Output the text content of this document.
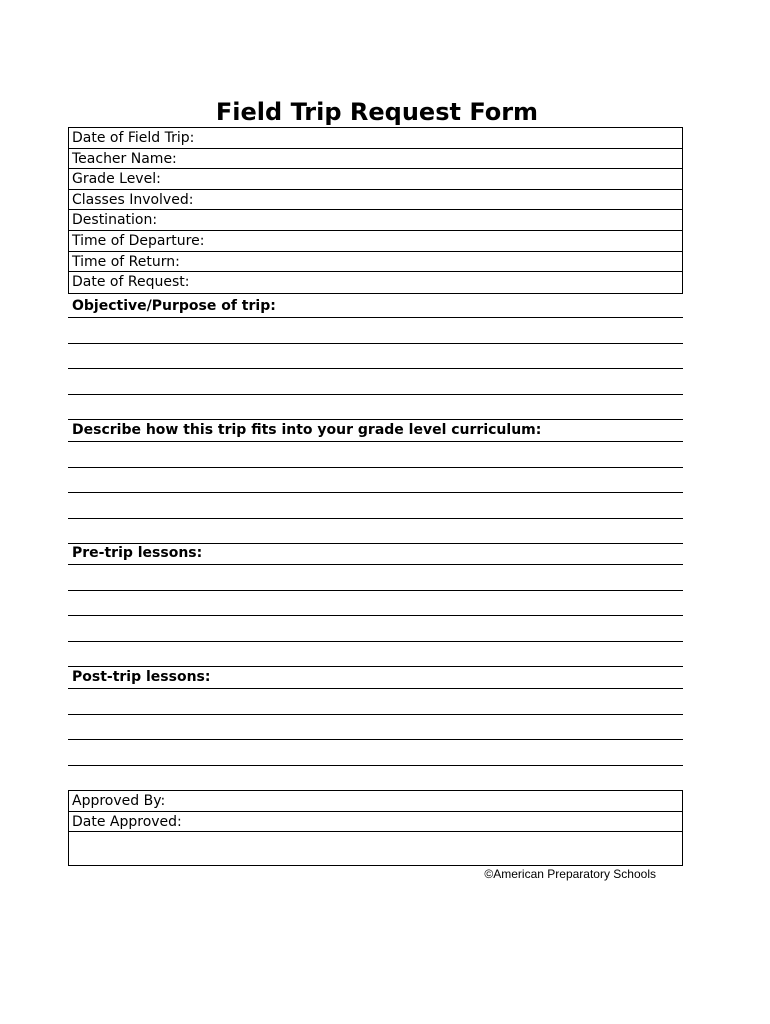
Field Trip Request Form
Date of Field Trip:
Teacher Name:
Grade Level:
Classes Involved:
Destination:
Time of Departure:
Time of Return:
Date of Request:
Objective/Purpose of trip:
Describe how this trip fits into your grade level curriculum:
Pre-trip lessons:
Post-trip lessons:
Approved By:
Date Approved:
©American Preparatory Schools
